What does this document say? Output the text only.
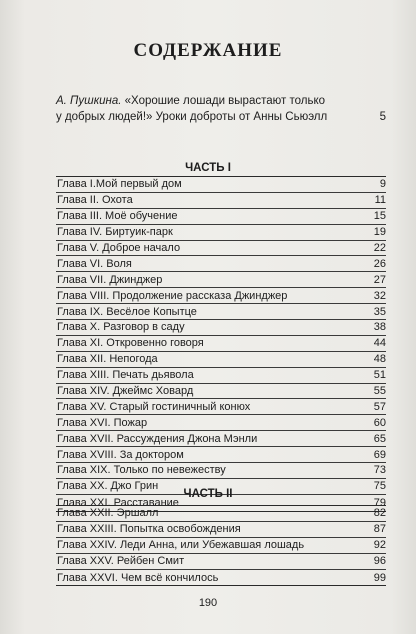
СОДЕРЖАНИЕ
А. Пушкина. «Хорошие лошади вырастают только
у добрых людей!» Уроки доброты от Анны Сьюэлл	5
ЧАСТЬ I
Глава I.Мой первый дом	9
Глава II. Охота	11
Глава III. Моё обучение	15
Глава IV. Биртуик-парк	19
Глава V. Доброе начало	22
Глава VI. Воля	26
Глава VII. Джинджер	27
Глава VIII. Продолжение рассказа Джинджер	32
Глава IX. Весёлое Копытце	35
Глава X. Разговор в саду	38
Глава XI. Откровенно говоря	44
Глава XII. Непогода	48
Глава XIII. Печать дьявола	51
Глава XIV. Джеймс Ховард	55
Глава XV. Старый гостиничный конюх	57
Глава XVI. Пожар	60
Глава XVII. Рассуждения Джона Мэнли	65
Глава XVIII. За доктором	69
Глава XIX. Только по невежеству	73
Глава XX. Джо Грин	75
Глава XXI. Расставание	79
ЧАСТЬ II
Глава XXII. Эршалл	82
Глава XXIII. Попытка освобождения	87
Глава XXIV. Леди Анна, или Убежавшая лошадь	92
Глава XXV. Рейбен Смит	96
Глава XXVI. Чем всё кончилось	99
190
